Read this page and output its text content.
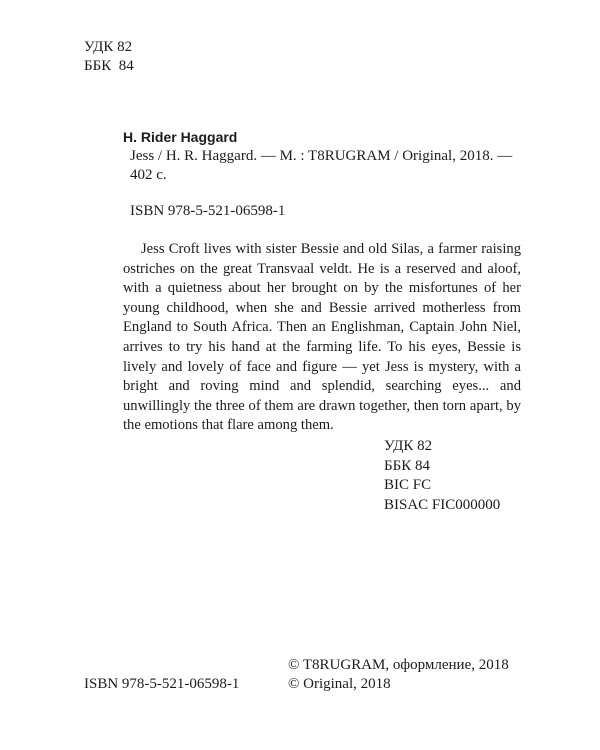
УДК 82
ББК  84
H. Rider Haggard
Jess / H. R. Haggard. — M. : T8RUGRAM / Original, 2018. —
402 с.
ISBN 978-5-521-06598-1

Jess Croft lives with sister Bessie and old Silas, a farmer raising ostriches on the great Transvaal veldt. He is a reserved and aloof, with a quietness about her brought on by the misfortunes of her young childhood, when she and Bessie arrived motherless from England to South Africa. Then an Englishman, Captain John Niel, arrives to try his hand at the farming life. To his eyes, Bessie is lively and lovely of face and figure — yet Jess is mystery, with a bright and roving mind and splendid, searching eyes... and unwillingly the three of them are drawn together, then torn apart, by the emotions that flare among them.

УДК 82
ББК 84
BIC FC
BISAC FIC000000
ISBN 978-5-521-06598-1
© T8RUGRAM, оформление, 2018
© Original, 2018
